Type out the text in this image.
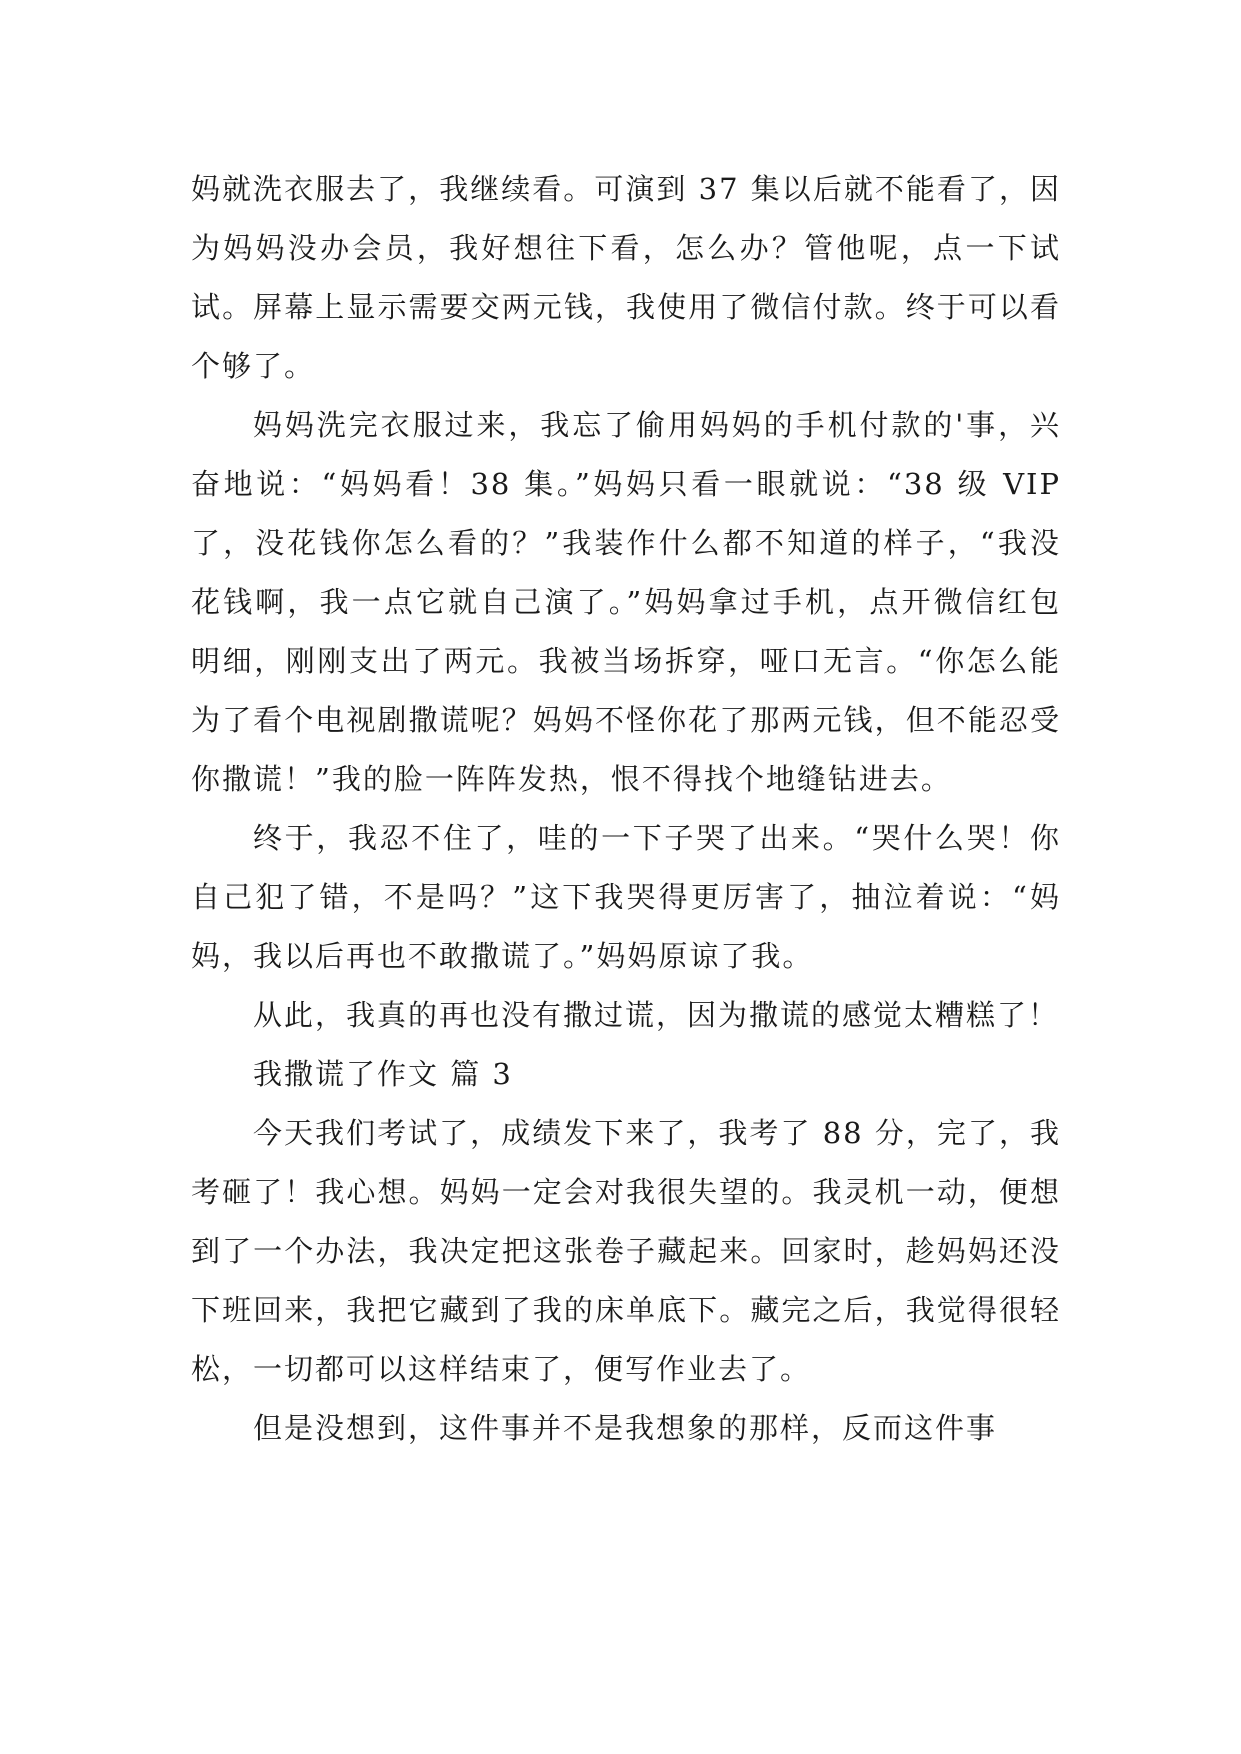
妈就洗衣服去了，我继续看。可演到 37 集以后就不能看了，因为妈妈没办会员，我好想往下看，怎么办？管他呢，点一下试试。屏幕上显示需要交两元钱，我使用了微信付款。终于可以看个够了。

妈妈洗完衣服过来，我忘了偷用妈妈的手机付款的'事，兴奋地说：“妈妈看！38 集。”妈妈只看一眼就说：“38 级 VIP 了，没花钱你怎么看的？”我装作什么都不知道的样子，“我没花钱啊，我一点它就自己演了。”妈妈拿过手机，点开微信红包明细，刚刚支出了两元。我被当场拆穿，哑口无言。“你怎么能为了看个电视剧撒谎呢？妈妈不怪你花了那两元钱，但不能忍受你撒谎！”我的脸一阵阵发热，恨不得找个地缝钻进去。

终于，我忍不住了，哇的一下子哭了出来。“哭什么哭！你自己犯了错，不是吗？”这下我哭得更厉害了，抽泣着说：“妈妈，我以后再也不敢撒谎了。”妈妈原谅了我。

从此，我真的再也没有撒过谎，因为撒谎的感觉太糟糕了！

我撒谎了作文 篇 3

今天我们考试了，成绩发下来了，我考了 88 分，完了，我考砸了！我心想。妈妈一定会对我很失望的。我灵机一动，便想到了一个办法，我决定把这张卷子藏起来。回家时，趁妈妈还没下班回来，我把它藏到了我的床单底下。藏完之后，我觉得很轻松，一切都可以这样结束了，便写作业去了。

但是没想到，这件事并不是我想象的那样，反而这件事
